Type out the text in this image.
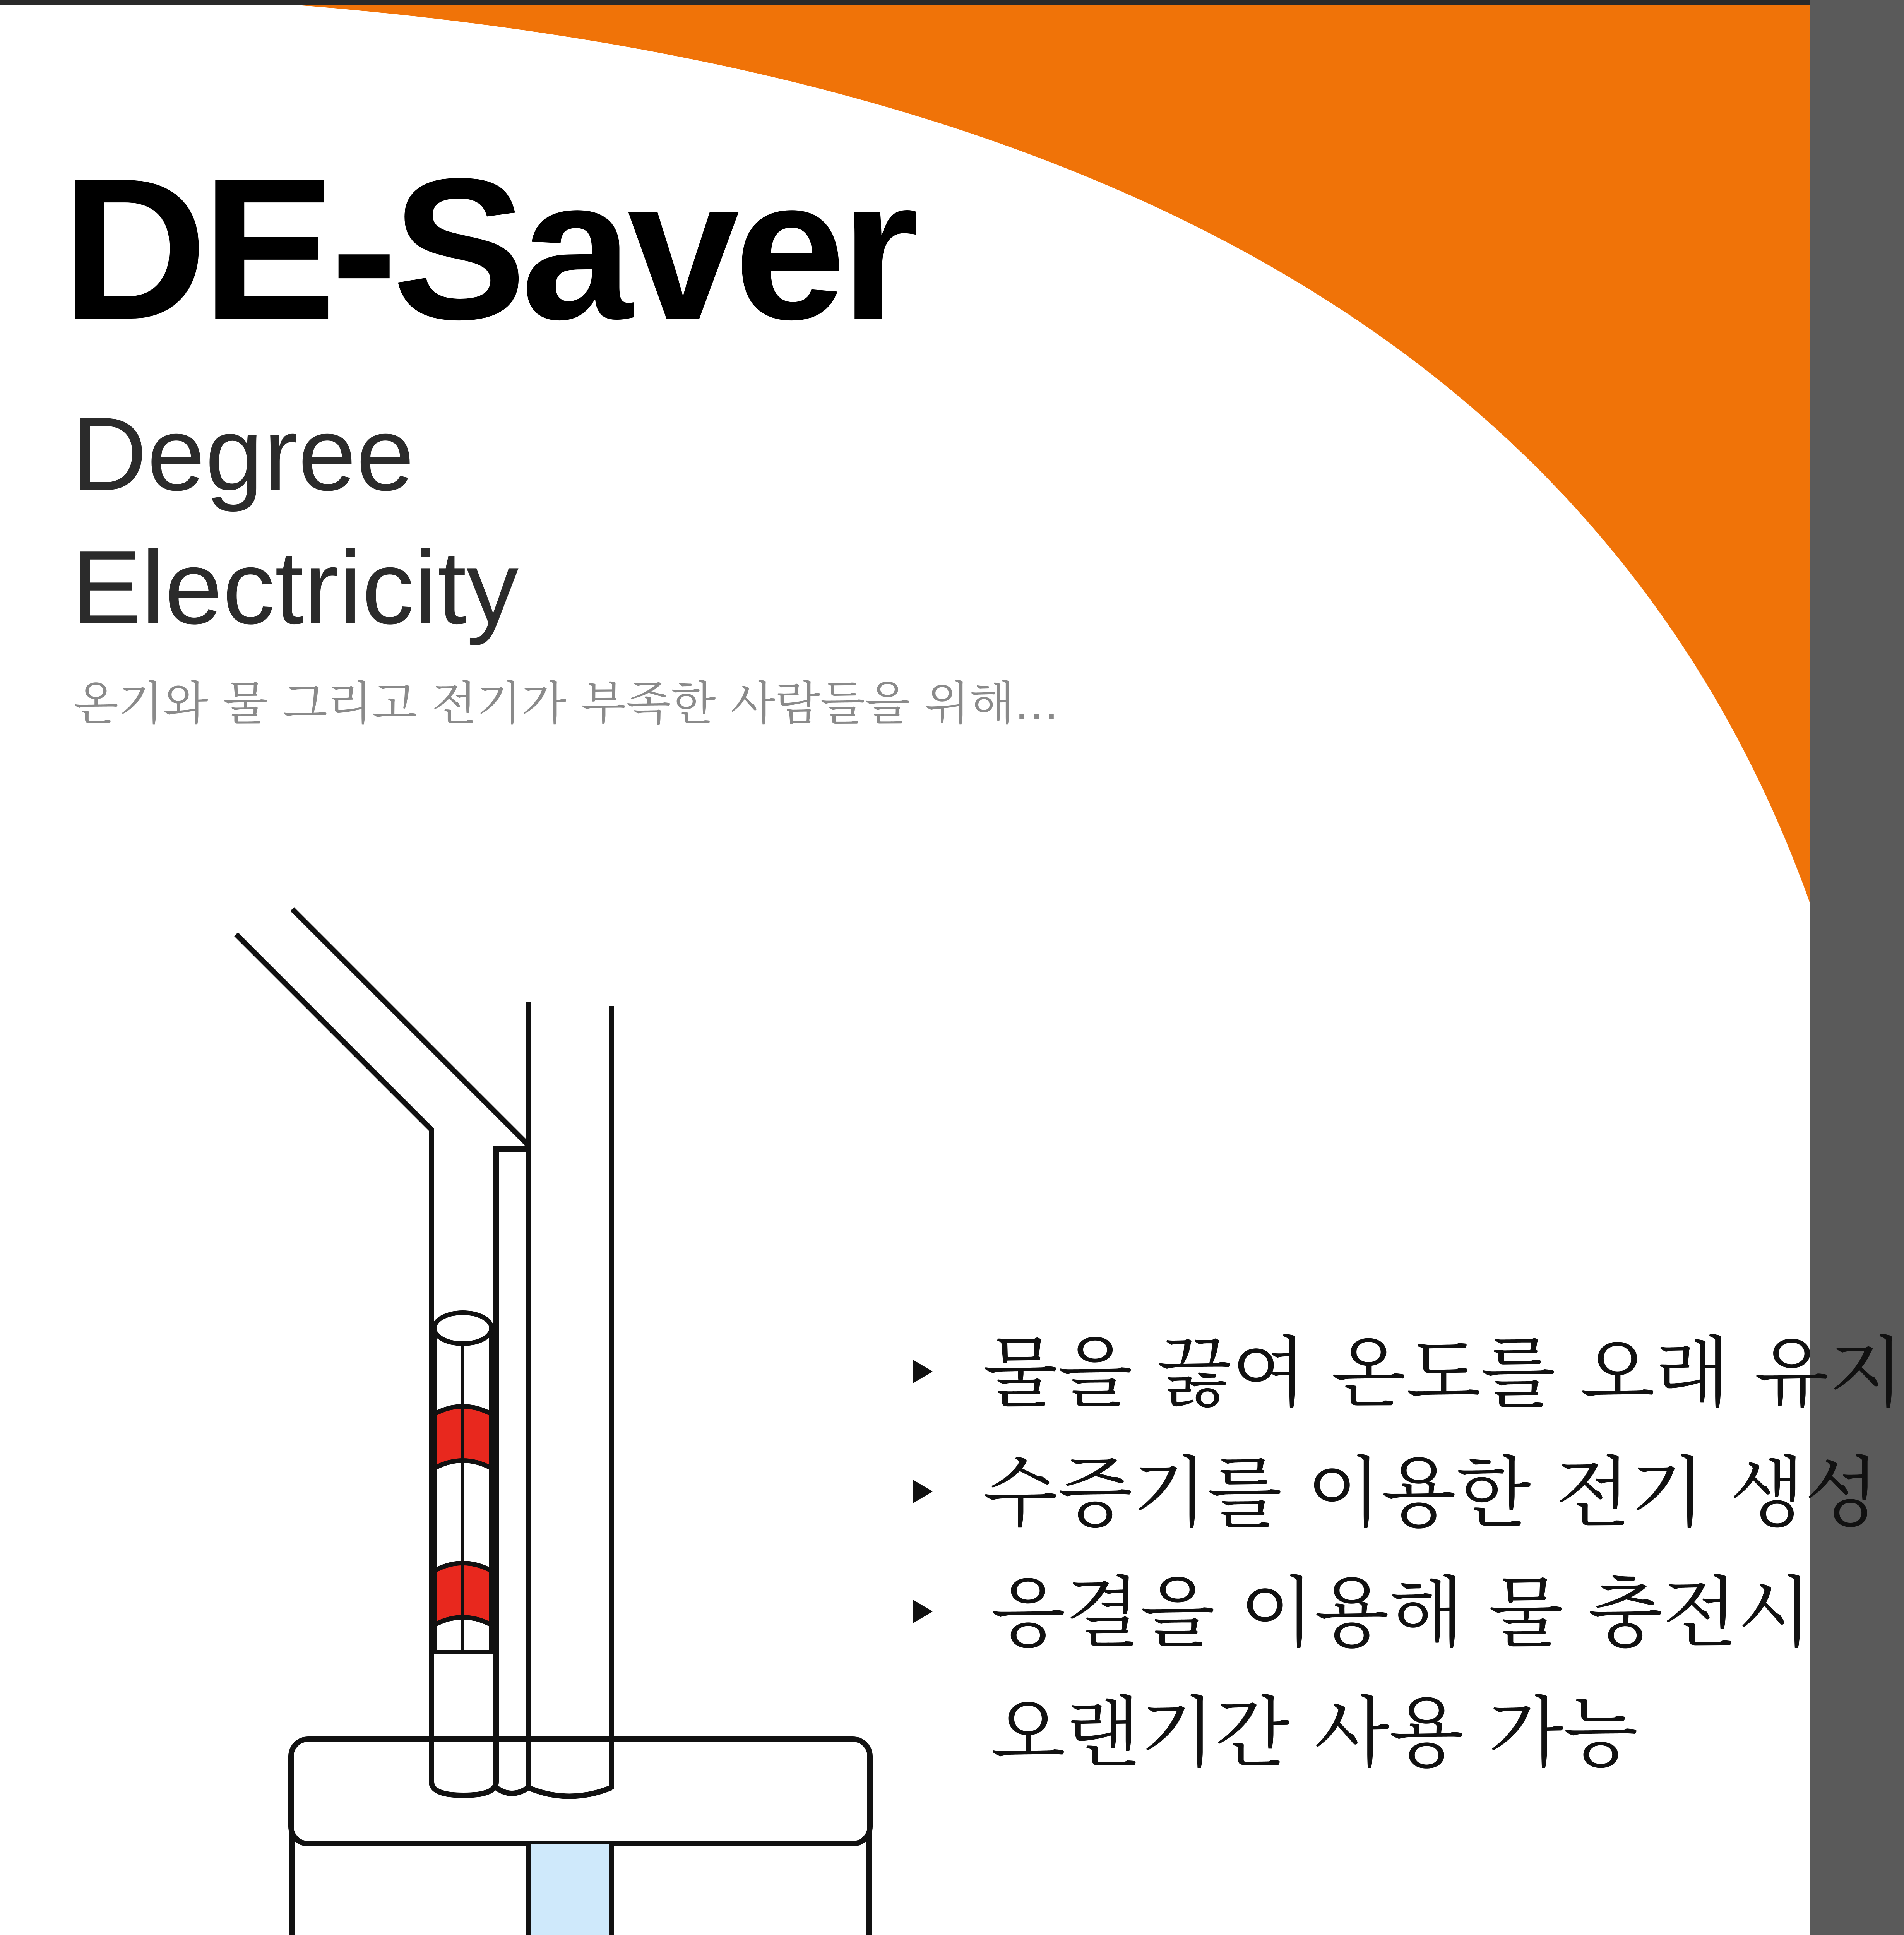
DE-Saver

Degree

Electricity

온기와 물 그리고 전기가 부족한 사람들을 위해...
물을 끓여 온도를 오래 유지
수증기를 이용한 전기 생성
응결을 이용해 물 충전시
오랜기간 사용 가능
